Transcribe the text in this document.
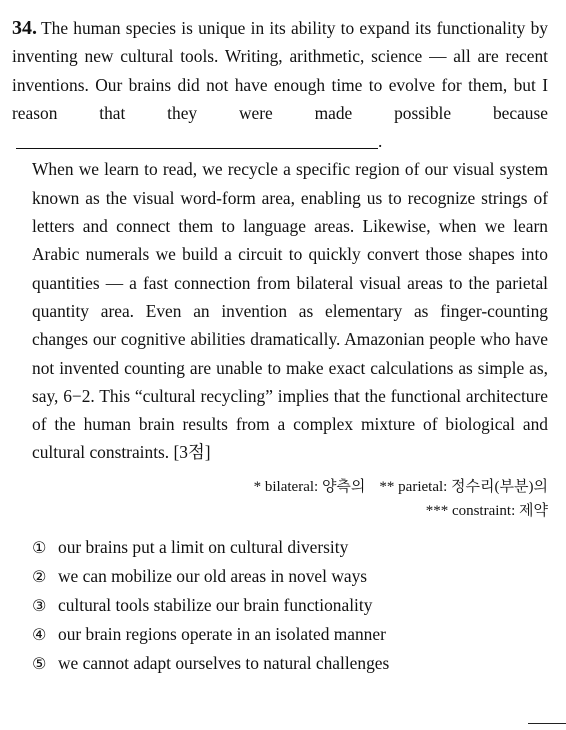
34. The human species is unique in its ability to expand its functionality by inventing new cultural tools. Writing, arithmetic, science — all are recent inventions. Our brains did not have enough time to evolve for them, but I reason that they were made possible because.

When we learn to read, we recycle a specific region of our visual system known as the visual word-form area, enabling us to recognize strings of letters and connect them to language areas. Likewise, when we learn Arabic numerals we build a circuit to quickly convert those shapes into quantities — a fast connection from bilateral visual areas to the parietal quantity area. Even an invention as elementary as finger-counting changes our cognitive abilities dramatically. Amazonian people who have not invented counting are unable to make exact calculations as simple as, say, 6−2. This “cultural recycling” implies that the functional architecture of the human brain results from a complex mixture of biological and cultural constraints. [3점]

* bilateral: 양측의 ** parietal: 정수리(부분)의
*** constraint: 제약
① our brains put a limit on cultural diversity
② we can mobilize our old areas in novel ways
③ cultural tools stabilize our brain functionality
④ our brain regions operate in an isolated manner
⑤ we cannot adapt ourselves to natural challenges
